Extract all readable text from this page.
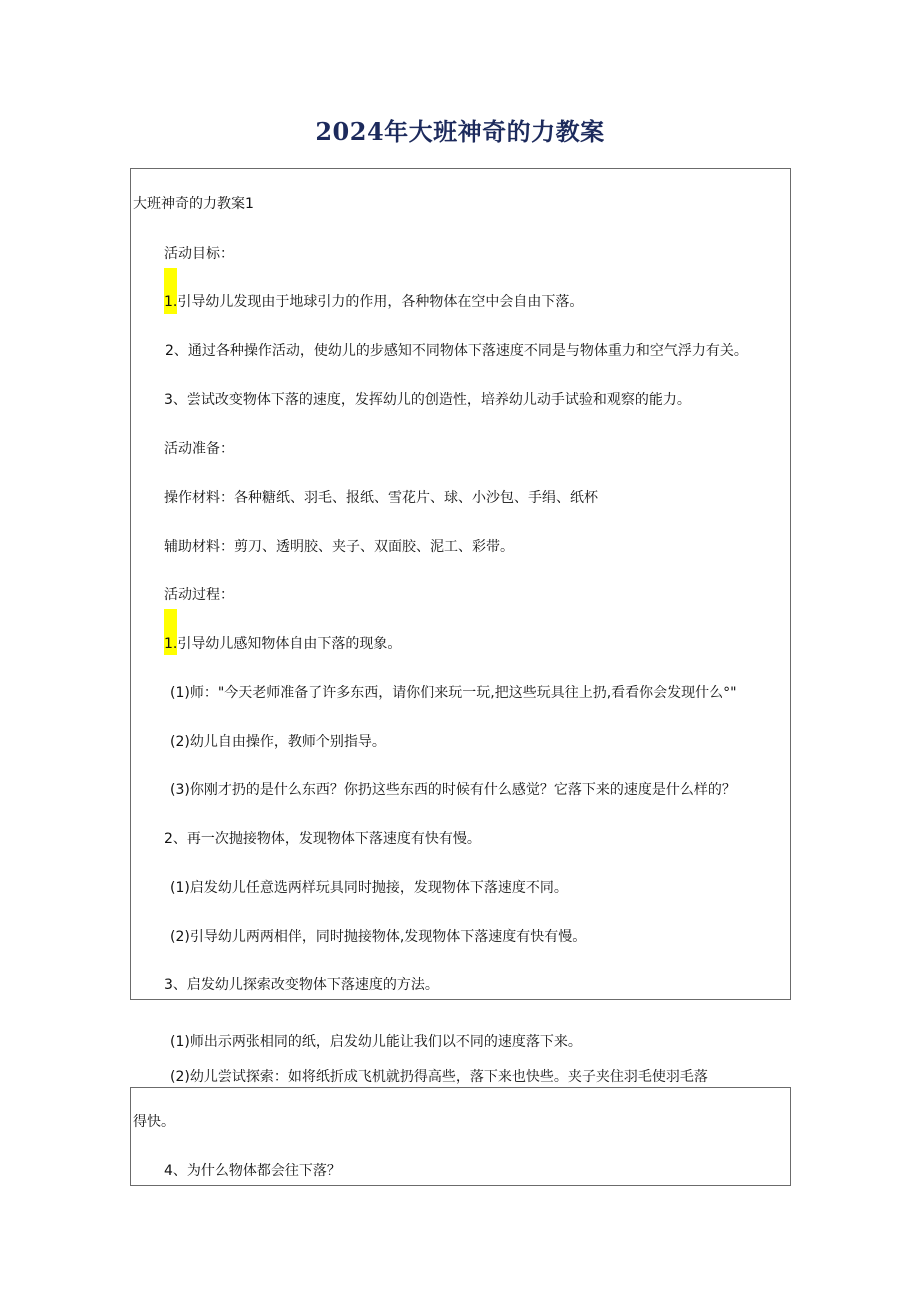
2024年大班神奇的力教案
大班神奇的力教案1
活动目标：
1.引导幼儿发现由于地球引力的作用，各种物体在空中会自由下落。
2、通过各种操作活动，使幼儿的步感知不同物体下落速度不同是与物体重力和空气浮力有关。
3、尝试改变物体下落的速度，发挥幼儿的创造性，培养幼儿动手试验和观察的能力。
活动准备：
操作材料：各种糖纸、羽毛、报纸、雪花片、球、小沙包、手绢、纸杯
辅助材料：剪刀、透明胶、夹子、双面胶、泥工、彩带。
活动过程：
1.引导幼儿感知物体自由下落的现象。
(1)师："今天老师准备了许多东西，请你们来玩一玩,把这些玩具往上扔,看看你会发现什么°"
(2)幼儿自由操作，教师个别指导。
(3)你刚才扔的是什么东西？你扔这些东西的时候有什么感觉？它落下来的速度是什么样的？
2、再一次抛接物体，发现物体下落速度有快有慢。
(1)启发幼儿任意选两样玩具同时抛接，发现物体下落速度不同。
(2)引导幼儿两两相伴，同时抛接物体,发现物体下落速度有快有慢。
3、启发幼儿探索改变物体下落速度的方法。
(1)师出示两张相同的纸，启发幼儿能让我们以不同的速度落下来。
(2)幼儿尝试探索：如将纸折成飞机就扔得高些，落下来也快些。夹子夹住羽毛使羽毛落
得快。
4、为什么物体都会往下落？
